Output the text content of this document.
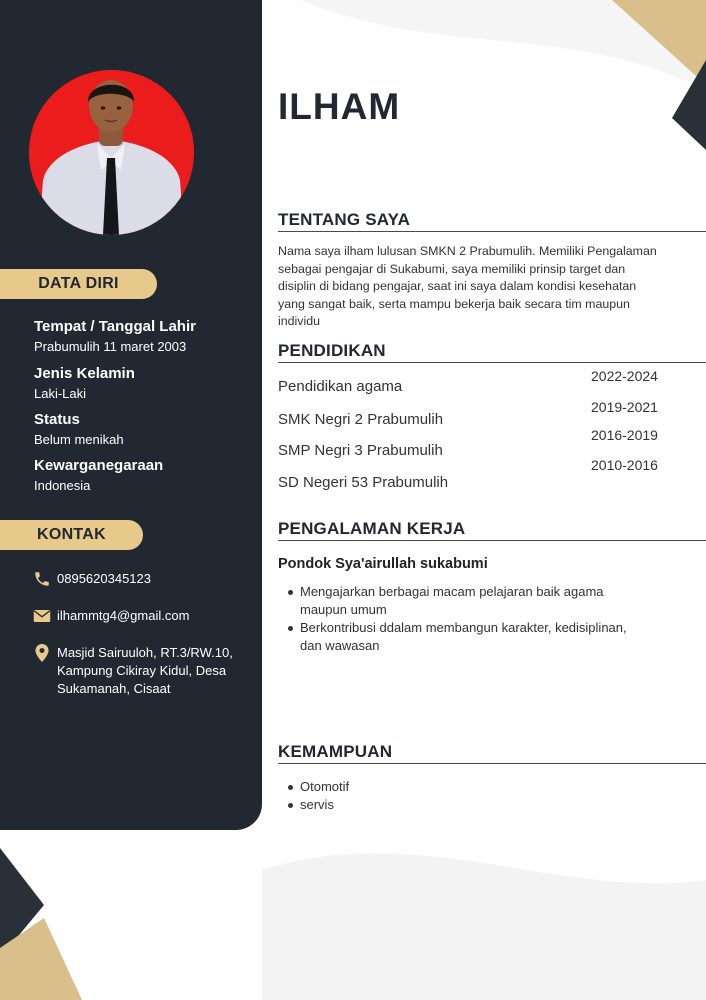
DATA DIRI
Tempat / Tanggal Lahir
Prabumulih 11 maret 2003
Jenis Kelamin
Laki-Laki
Status
Belum menikah
Kewarganegaraan
Indonesia
KONTAK
0895620345123
ilhammtg4@gmail.com
Masjid Sairuuloh, RT.3/RW.10,
Kampung Cikiray Kidul, Desa
Sukamanah, Cisaat
ILHAM
TENTANG SAYA
Nama saya ilham lulusan SMKN 2 Prabumulih. Memiliki Pengalaman
sebagai pengajar di Sukabumi, saya memiliki prinsip target dan
disiplin di bidang pengajar, saat ini saya dalam kondisi kesehatan
yang sangat baik, serta mampu bekerja baik secara tim maupun
individu
PENDIDIKAN
Pendidikan agama
2022-2024
SMK Negri 2 Prabumulih
2019-2021
SMP Negri 3 Prabumulih
2016-2019
SD Negeri 53 Prabumulih
2010-2016
PENGALAMAN KERJA
Pondok Sya'airullah sukabumi
Mengajarkan berbagai macam pelajaran baik agama
maupun umum
Berkontribusi ddalam membangun karakter, kedisiplinan,
dan wawasan
KEMAMPUAN
Otomotif
servis
